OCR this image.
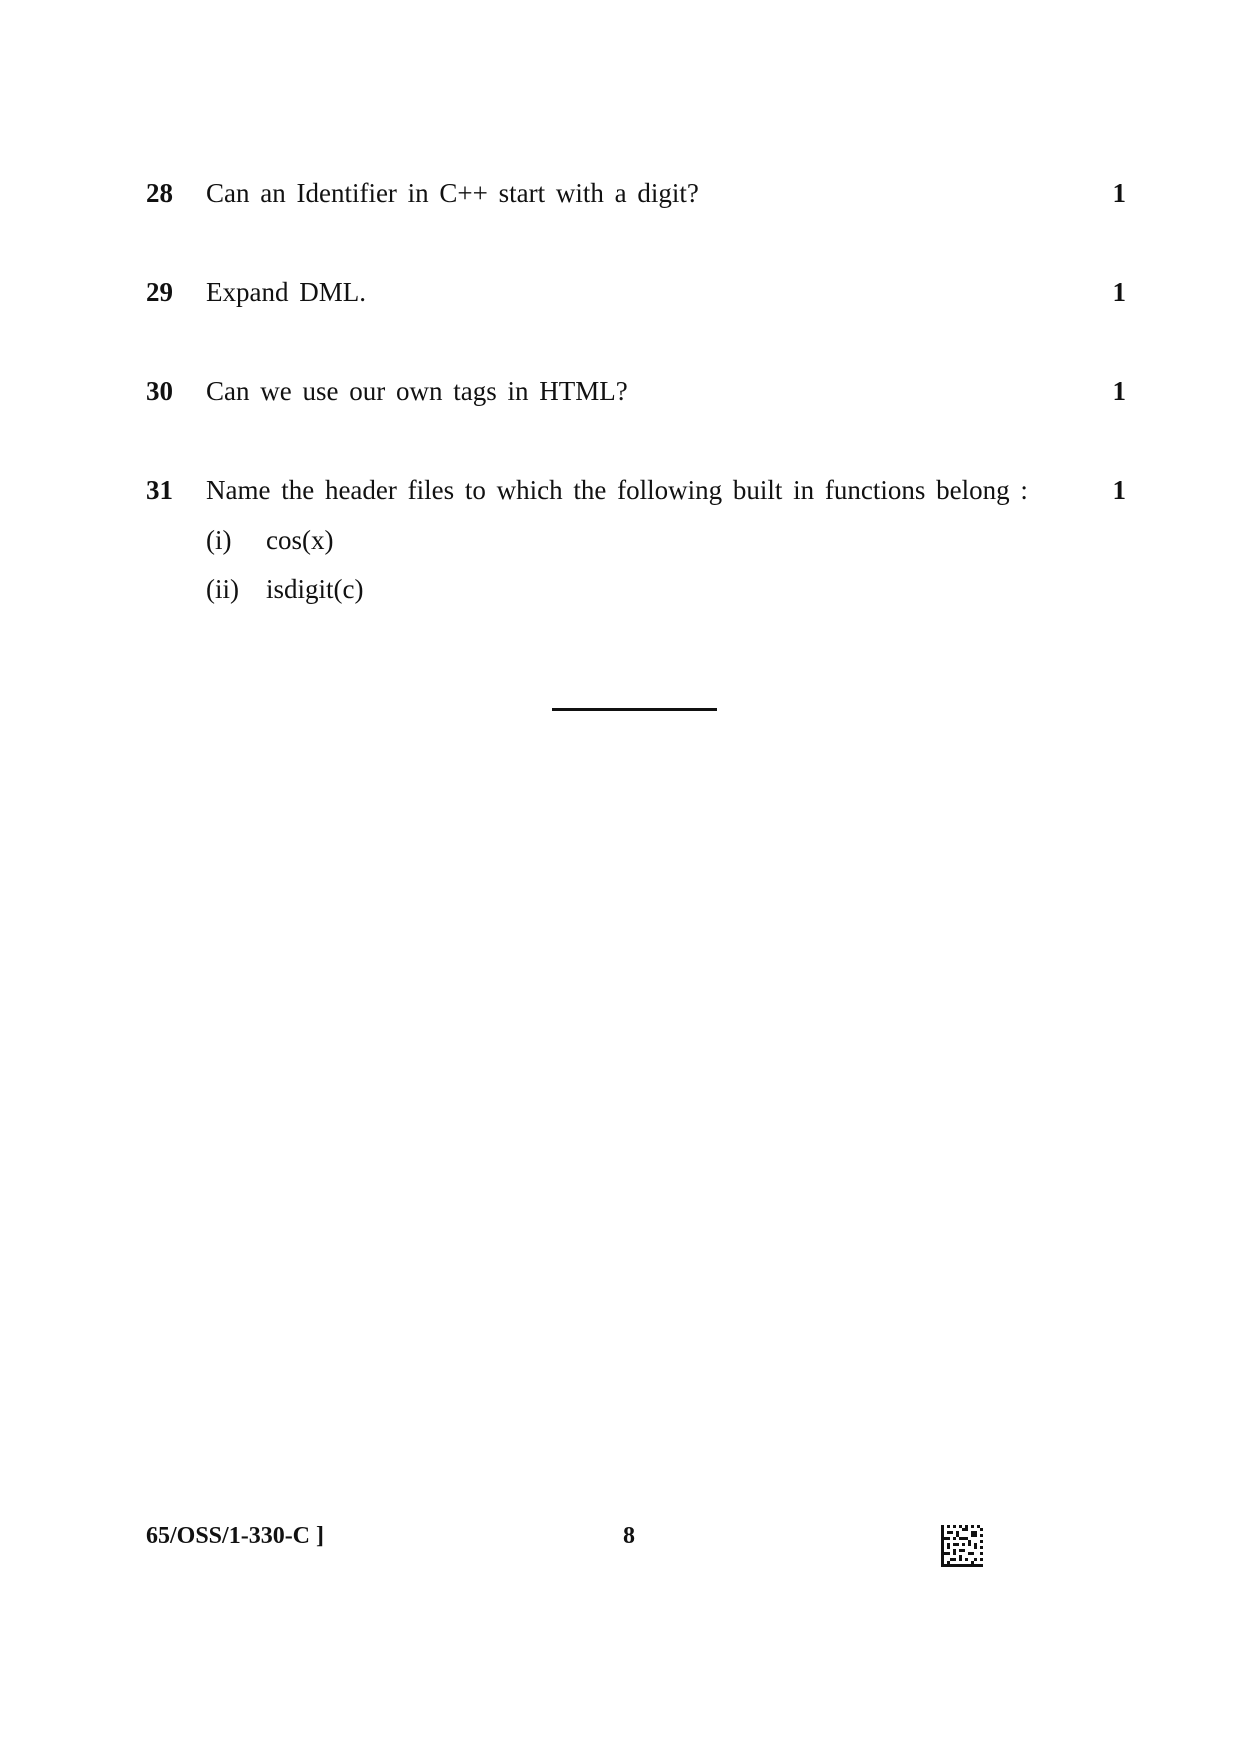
28 Can an Identifier in C++ start with a digit?	1
29 Expand DML.	1
30 Can we use our own tags in HTML?	1
31 Name the header files to which the following built in functions belong :	1
(i) cos(x)
(ii) isdigit(c)
65/OSS/1-330-C ]	8
